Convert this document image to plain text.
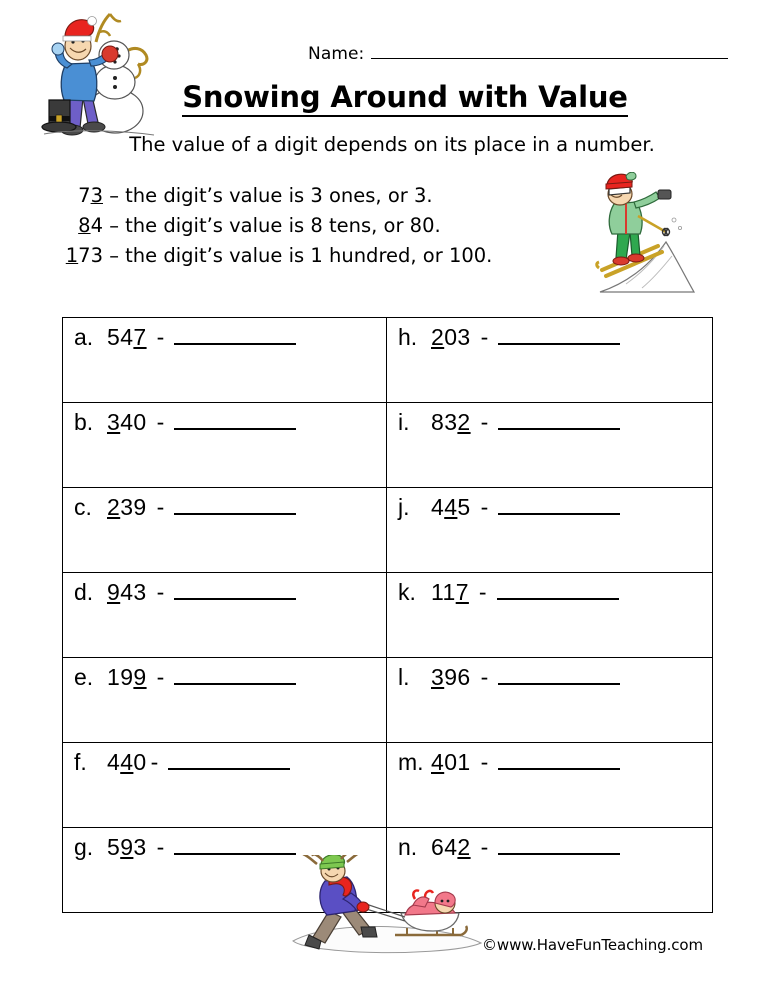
a. 547 -	h. 203 -

b. 340 -	i. 832 -

c. 239 -	j. 445 -

d. 943 -	k. 117 -

e. 199 -	l. 396 -

f. 440 -	m. 401 -

g. 593 -	n. 642 -
Name:
Snowing Around with Value
The value of a digit depends on its place in a number.
73 – the digit’s value is 3 ones, or 3.
84 – the digit’s value is 8 tens, or 80.
173 – the digit’s value is 1 hundred, or 100.
©www.HaveFunTeaching.com
